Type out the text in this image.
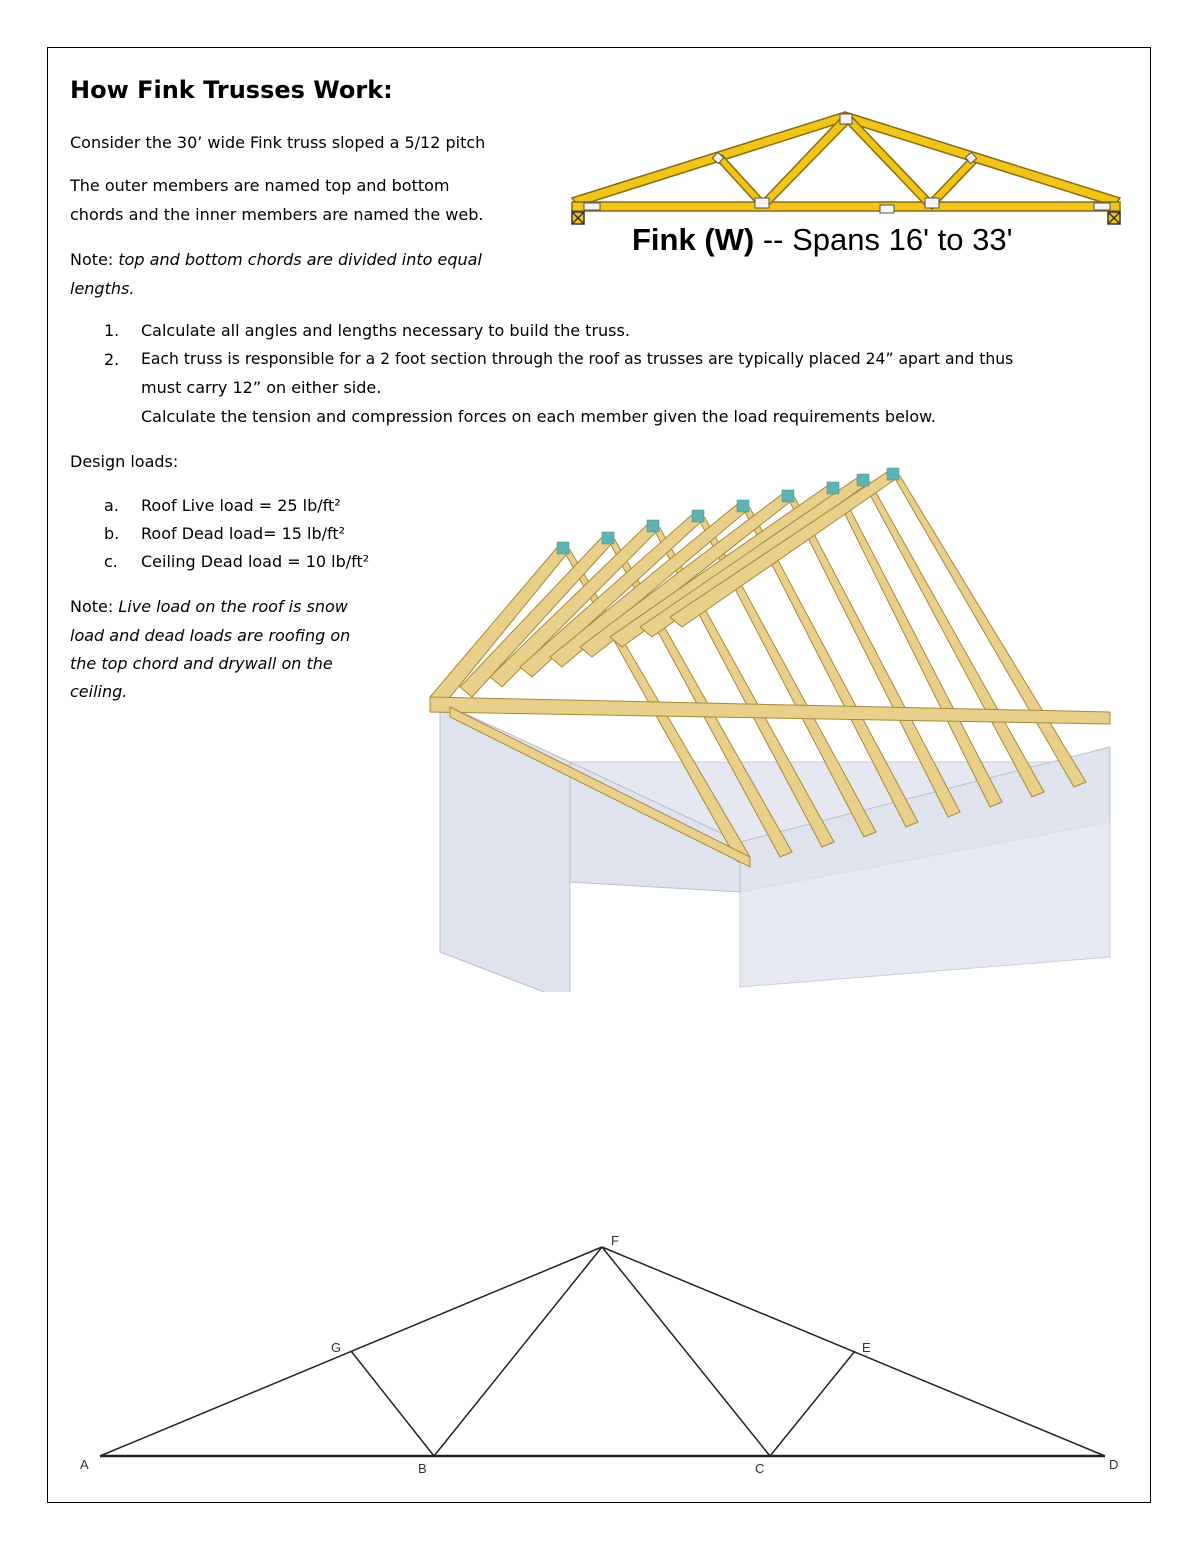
How Fink Trusses Work:
Consider the 30’ wide Fink truss sloped a 5/12 pitch
The outer members are named top and bottom
chords and the inner members are named the web.
Note: top and bottom chords are divided into equal
lengths.
Fink (W) -- Spans 16' to 33'
1. Calculate all angles and lengths necessary to build the truss.
2. Each truss is responsible for a 2 foot section through the roof as trusses are typically placed 24” apart and thus
must carry 12” on either side.
Calculate the tension and compression forces on each member given the load requirements below.
Design loads:
a. Roof Live load = 25 lb/ft²
b. Roof Dead load= 15 lb/ft²
c. Ceiling Dead load = 10 lb/ft²
Note: Live load on the roof is snow
load and dead loads are roofing on
the top chord and drywall on the
ceiling.
A	B	C	D
E
F
G
